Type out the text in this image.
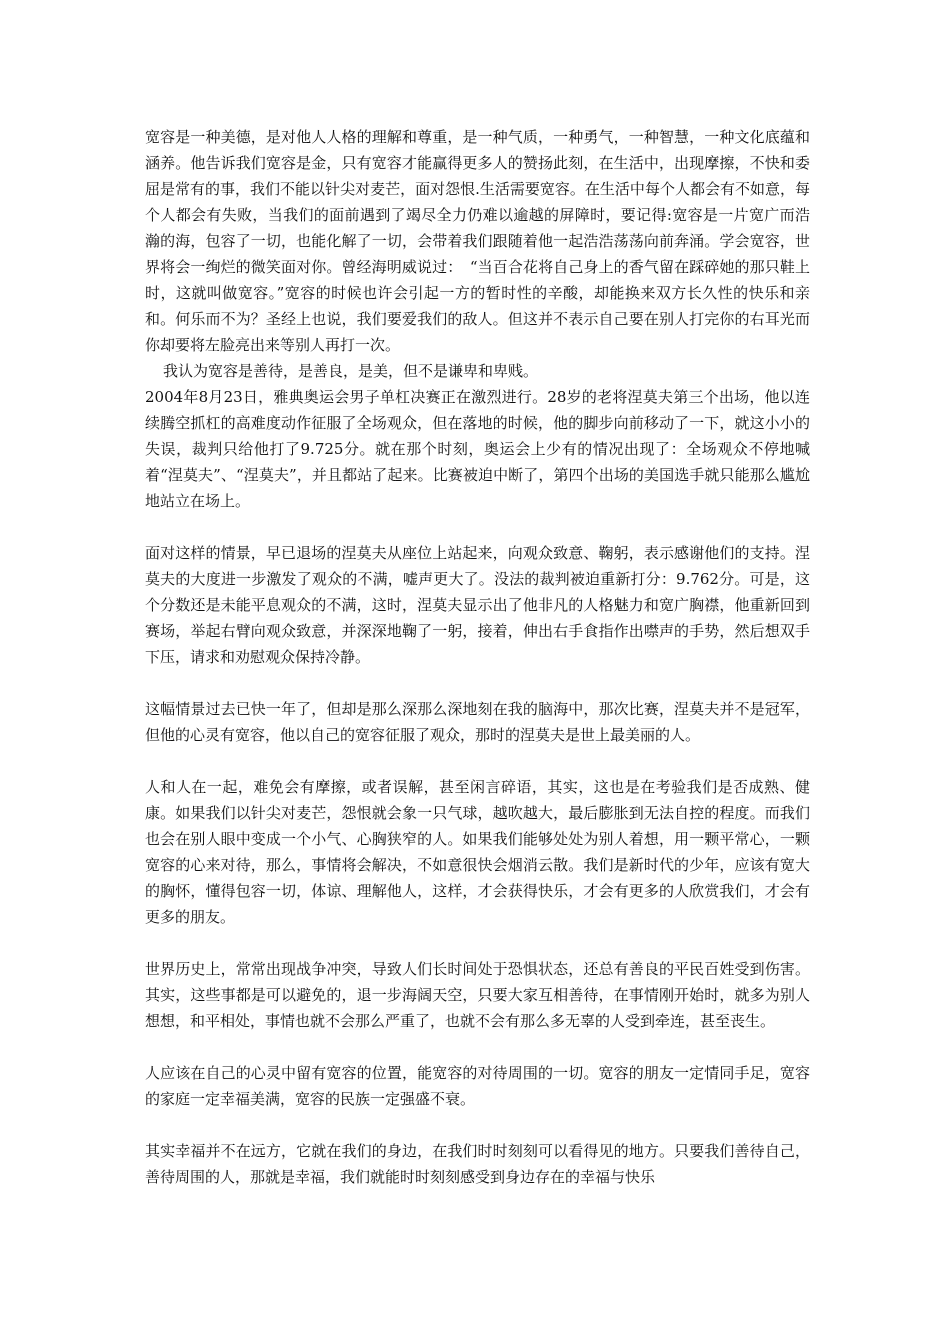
宽容是一种美德，是对他人人格的理解和尊重，是一种气质，一种勇气，一种智慧，一种文化底蕴和涵养。他告诉我们宽容是金，只有宽容才能赢得更多人的赞扬此刻，在生活中，出现摩擦，不快和委屈是常有的事，我们不能以针尖对麦芒，面对怨恨.生活需要宽容。在生活中每个人都会有不如意，每个人都会有失败，当我们的面前遇到了竭尽全力仍难以逾越的屏障时，要记得:宽容是一片宽广而浩瀚的海，包容了一切，也能化解了一切，会带着我们跟随着他一起浩浩荡荡向前奔涌。学会宽容，世界将会一绚烂的微笑面对你。曾经海明威说过：　“当百合花将自己身上的香气留在踩碎她的那只鞋上时，这就叫做宽容。”宽容的时候也许会引起一方的暂时性的辛酸，却能换来双方长久性的快乐和亲和。何乐而不为？圣经上也说，我们要爱我们的敌人。但这并不表示自己要在别人打完你的右耳光而你却要将左脸亮出来等别人再打一次。

我认为宽容是善待，是善良，是美，但不是谦卑和卑贱。

2004年8月23日，雅典奥运会男子单杠决赛正在激烈进行。28岁的老将涅莫夫第三个出场，他以连续腾空抓杠的高难度动作征服了全场观众，但在落地的时候，他的脚步向前移动了一下，就这小小的失误，裁判只给他打了9.725分。就在那个时刻，奥运会上少有的情况出现了：全场观众不停地喊着“涅莫夫”、“涅莫夫”，并且都站了起来。比赛被迫中断了，第四个出场的美国选手就只能那么尴尬地站立在场上。

面对这样的情景，早已退场的涅莫夫从座位上站起来，向观众致意、鞠躬，表示感谢他们的支持。涅莫夫的大度进一步激发了观众的不满，嘘声更大了。没法的裁判被迫重新打分：9.762分。可是，这个分数还是未能平息观众的不满，这时，涅莫夫显示出了他非凡的人格魅力和宽广胸襟，他重新回到赛场，举起右臂向观众致意，并深深地鞠了一躬，接着，伸出右手食指作出噤声的手势，然后想双手下压，请求和劝慰观众保持冷静。

这幅情景过去已快一年了，但却是那么深那么深地刻在我的脑海中，那次比赛，涅莫夫并不是冠军，但他的心灵有宽容，他以自己的宽容征服了观众，那时的涅莫夫是世上最美丽的人。

人和人在一起，难免会有摩擦，或者误解，甚至闲言碎语，其实，这也是在考验我们是否成熟、健康。如果我们以针尖对麦芒，怨恨就会象一只气球，越吹越大，最后膨胀到无法自控的程度。而我们也会在别人眼中变成一个小气、心胸狭窄的人。如果我们能够处处为别人着想，用一颗平常心，一颗宽容的心来对待，那么，事情将会解决，不如意很快会烟消云散。我们是新时代的少年，应该有宽大的胸怀，懂得包容一切，体谅、理解他人，这样，才会获得快乐，才会有更多的人欣赏我们，才会有更多的朋友。

世界历史上，常常出现战争冲突，导致人们长时间处于恐惧状态，还总有善良的平民百姓受到伤害。其实，这些事都是可以避免的，退一步海阔天空，只要大家互相善待，在事情刚开始时，就多为别人想想，和平相处，事情也就不会那么严重了，也就不会有那么多无辜的人受到牵连，甚至丧生。

人应该在自己的心灵中留有宽容的位置，能宽容的对待周围的一切。宽容的朋友一定情同手足，宽容的家庭一定幸福美满，宽容的民族一定强盛不衰。

其实幸福并不在远方，它就在我们的身边，在我们时时刻刻可以看得见的地方。只要我们善待自己，善待周围的人，那就是幸福，我们就能时时刻刻感受到身边存在的幸福与快乐
